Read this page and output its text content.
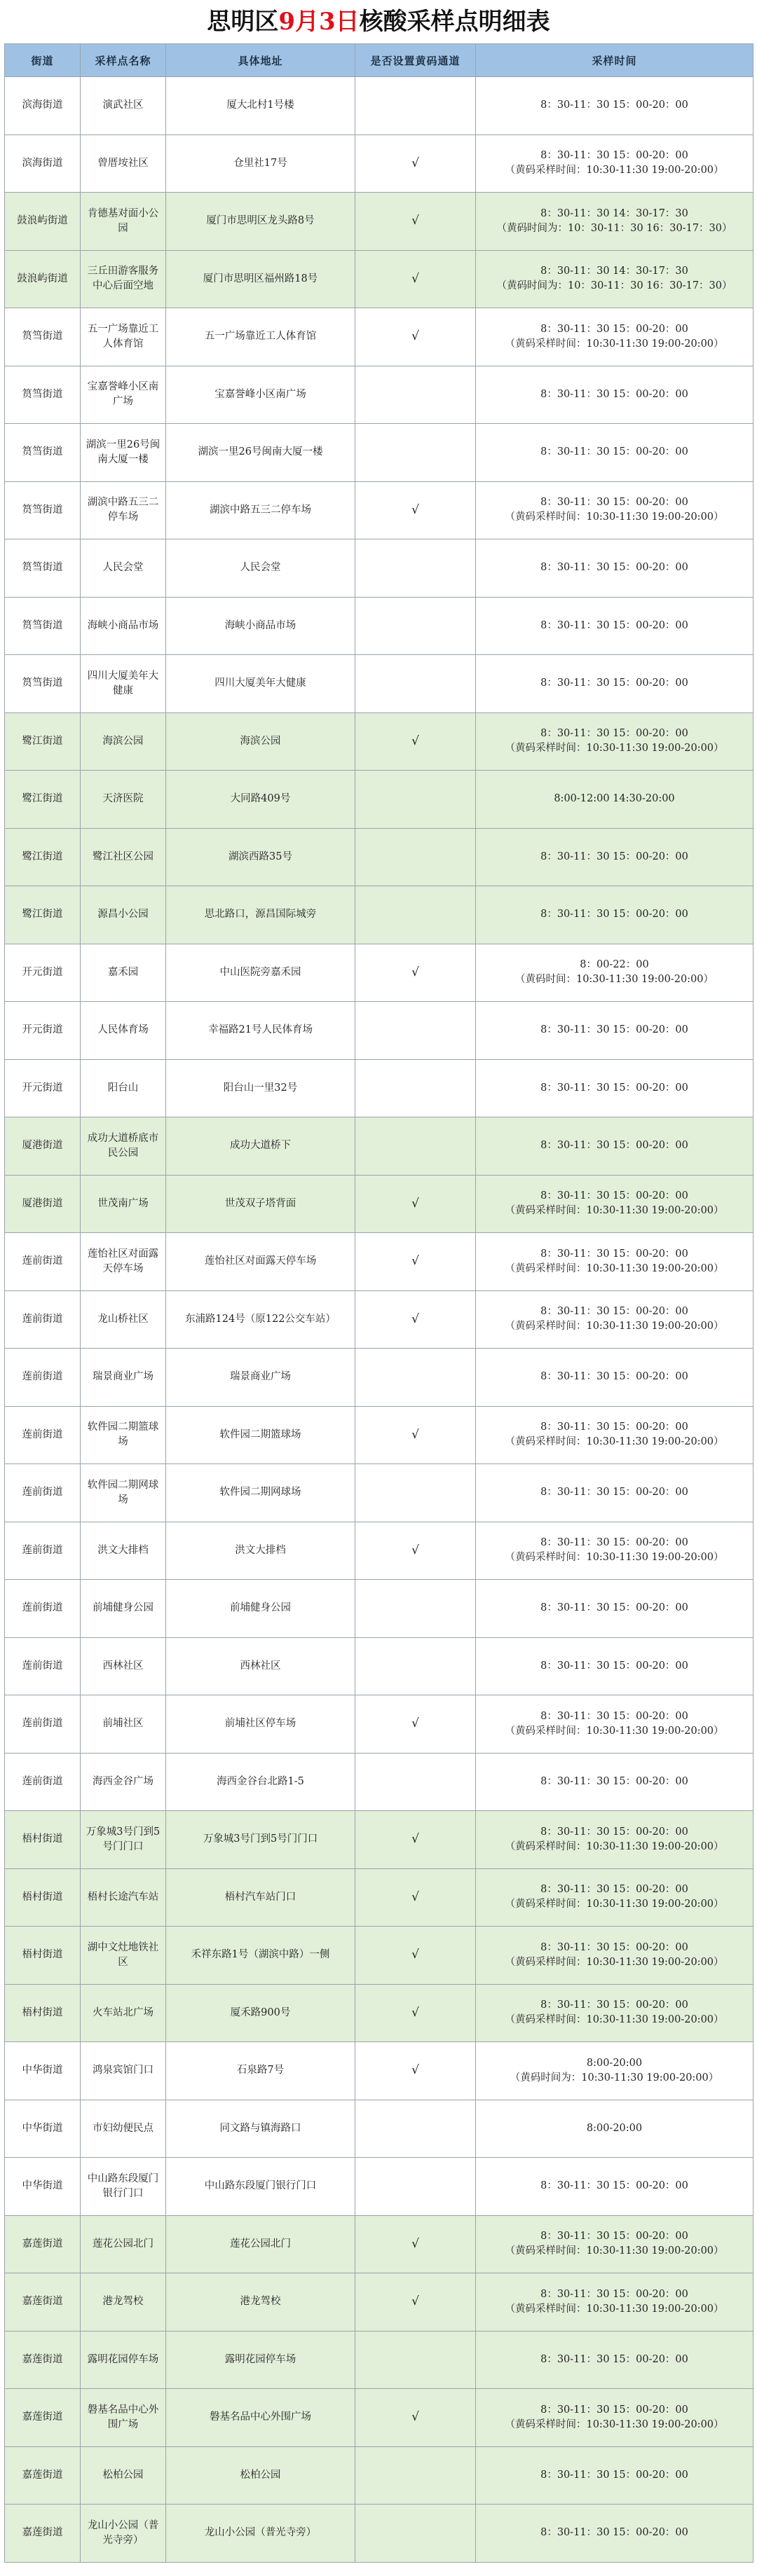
思明区9月3日核酸采样点明细表
街道	采样点名称	具体地址	是否设置黄码通道	采样时间
滨海街道	演武社区	厦大北村1号楼		8：30-11：30 15：00-20：00
滨海街道	曾厝垵社区	仓里社17号	√	8：30-11：30 15：00-20：00
（黄码采样时间：10:30-11:30 19:00-20:00）
鼓浪屿街道	肯德基对面小公园	厦门市思明区龙头路8号	√	8：30-11：30 14：30-17：30
（黄码时间为：10：30-11：30 16：30-17：30）
鼓浪屿街道	三丘田游客服务中心后面空地	厦门市思明区福州路18号	√	8：30-11：30 14：30-17：30
（黄码时间为：10：30-11：30 16：30-17：30）
筼筜街道	五一广场靠近工人体育馆	五一广场靠近工人体育馆	√	8：30-11：30 15：00-20：00
（黄码采样时间：10:30-11:30 19:00-20:00）
筼筜街道	宝嘉誉峰小区南广场	宝嘉誉峰小区南广场		8：30-11：30 15：00-20：00
筼筜街道	湖滨一里26号闽南大厦一楼	湖滨一里26号闽南大厦一楼		8：30-11：30 15：00-20：00
筼筜街道	湖滨中路五三二停车场	湖滨中路五三二停车场	√	8：30-11：30 15：00-20：00
（黄码采样时间：10:30-11:30 19:00-20:00）
筼筜街道	人民会堂	人民会堂		8：30-11：30 15：00-20：00
筼筜街道	海峡小商品市场	海峡小商品市场		8：30-11：30 15：00-20：00
筼筜街道	四川大厦美年大健康	四川大厦美年大健康		8：30-11：30 15：00-20：00
鹭江街道	海滨公园	海滨公园	√	8：30-11：30 15：00-20：00
（黄码采样时间：10:30-11:30 19:00-20:00）
鹭江街道	天济医院	大同路409号		8:00-12:00 14:30-20:00
鹭江街道	鹭江社区公园	湖滨西路35号		8：30-11：30 15：00-20：00
鹭江街道	源昌小公园	思北路口，源昌国际城旁		8：30-11：30 15：00-20：00
开元街道	嘉禾园	中山医院旁嘉禾园	√	8：00-22：00
（黄码时间：10:30-11:30 19:00-20:00）
开元街道	人民体育场	幸福路21号人民体育场		8：30-11：30 15：00-20：00
开元街道	阳台山	阳台山一里32号		8：30-11：30 15：00-20：00
厦港街道	成功大道桥底市民公园	成功大道桥下		8：30-11：30 15：00-20：00
厦港街道	世茂南广场	世茂双子塔背面	√	8：30-11：30 15：00-20：00
（黄码采样时间：10:30-11:30 19:00-20:00）
莲前街道	莲怡社区对面露天停车场	莲怡社区对面露天停车场	√	8：30-11：30 15：00-20：00
（黄码采样时间：10:30-11:30 19:00-20:00）
莲前街道	龙山桥社区	东浦路124号（原122公交车站）	√	8：30-11：30 15：00-20：00
（黄码采样时间：10:30-11:30 19:00-20:00）
莲前街道	瑞景商业广场	瑞景商业广场		8：30-11：30 15：00-20：00
莲前街道	软件园二期篮球场	软件园二期篮球场	√	8：30-11：30 15：00-20：00
（黄码采样时间：10:30-11:30 19:00-20:00）
莲前街道	软件园二期网球场	软件园二期网球场		8：30-11：30 15：00-20：00
莲前街道	洪文大排档	洪文大排档	√	8：30-11：30 15：00-20：00
（黄码采样时间：10:30-11:30 19:00-20:00）
莲前街道	前埔健身公园	前埔健身公园		8：30-11：30 15：00-20：00
莲前街道	西林社区	西林社区		8：30-11：30 15：00-20：00
莲前街道	前埔社区	前埔社区停车场	√	8：30-11：30 15：00-20：00
（黄码采样时间：10:30-11:30 19:00-20:00）
莲前街道	海西金谷广场	海西金谷台北路1-5		8：30-11：30 15：00-20：00
梧村街道	万象城3号门到5号门门口	万象城3号门到5号门门口	√	8：30-11：30 15：00-20：00
（黄码采样时间：10:30-11:30 19:00-20:00）
梧村街道	梧村长途汽车站	梧村汽车站门口	√	8：30-11：30 15：00-20：00
（黄码采样时间：10:30-11:30 19:00-20:00）
梧村街道	湖中文灶地铁社区	禾祥东路1号（湖滨中路）一侧	√	8：30-11：30 15：00-20：00
（黄码采样时间：10:30-11:30 19:00-20:00）
梧村街道	火车站北广场	厦禾路900号	√	8：30-11：30 15：00-20：00
（黄码采样时间：10:30-11:30 19:00-20:00）
中华街道	鸿泉宾馆门口	石泉路7号	√	8:00-20:00
（黄码时间为：10:30-11:30 19:00-20:00）
中华街道	市妇幼便民点	同文路与镇海路口		8:00-20:00
中华街道	中山路东段厦门银行门口	中山路东段厦门银行门口		8：30-11：30 15：00-20：00
嘉莲街道	莲花公园北门	莲花公园北门	√	8：30-11：30 15：00-20：00
（黄码采样时间：10:30-11:30 19:00-20:00）
嘉莲街道	港龙驾校	港龙驾校	√	8：30-11：30 15：00-20：00
（黄码采样时间：10:30-11:30 19:00-20:00）
嘉莲街道	露明花园停车场	露明花园停车场		8：30-11：30 15：00-20：00
嘉莲街道	磐基名品中心外围广场	磐基名品中心外围广场	√	8：30-11：30 15：00-20：00
（黄码采样时间：10:30-11:30 19:00-20:00）
嘉莲街道	松柏公园	松柏公园		8：30-11：30 15：00-20：00
嘉莲街道	龙山小公园（普光寺旁）	龙山小公园（普光寺旁）		8：30-11：30 15：00-20：00
